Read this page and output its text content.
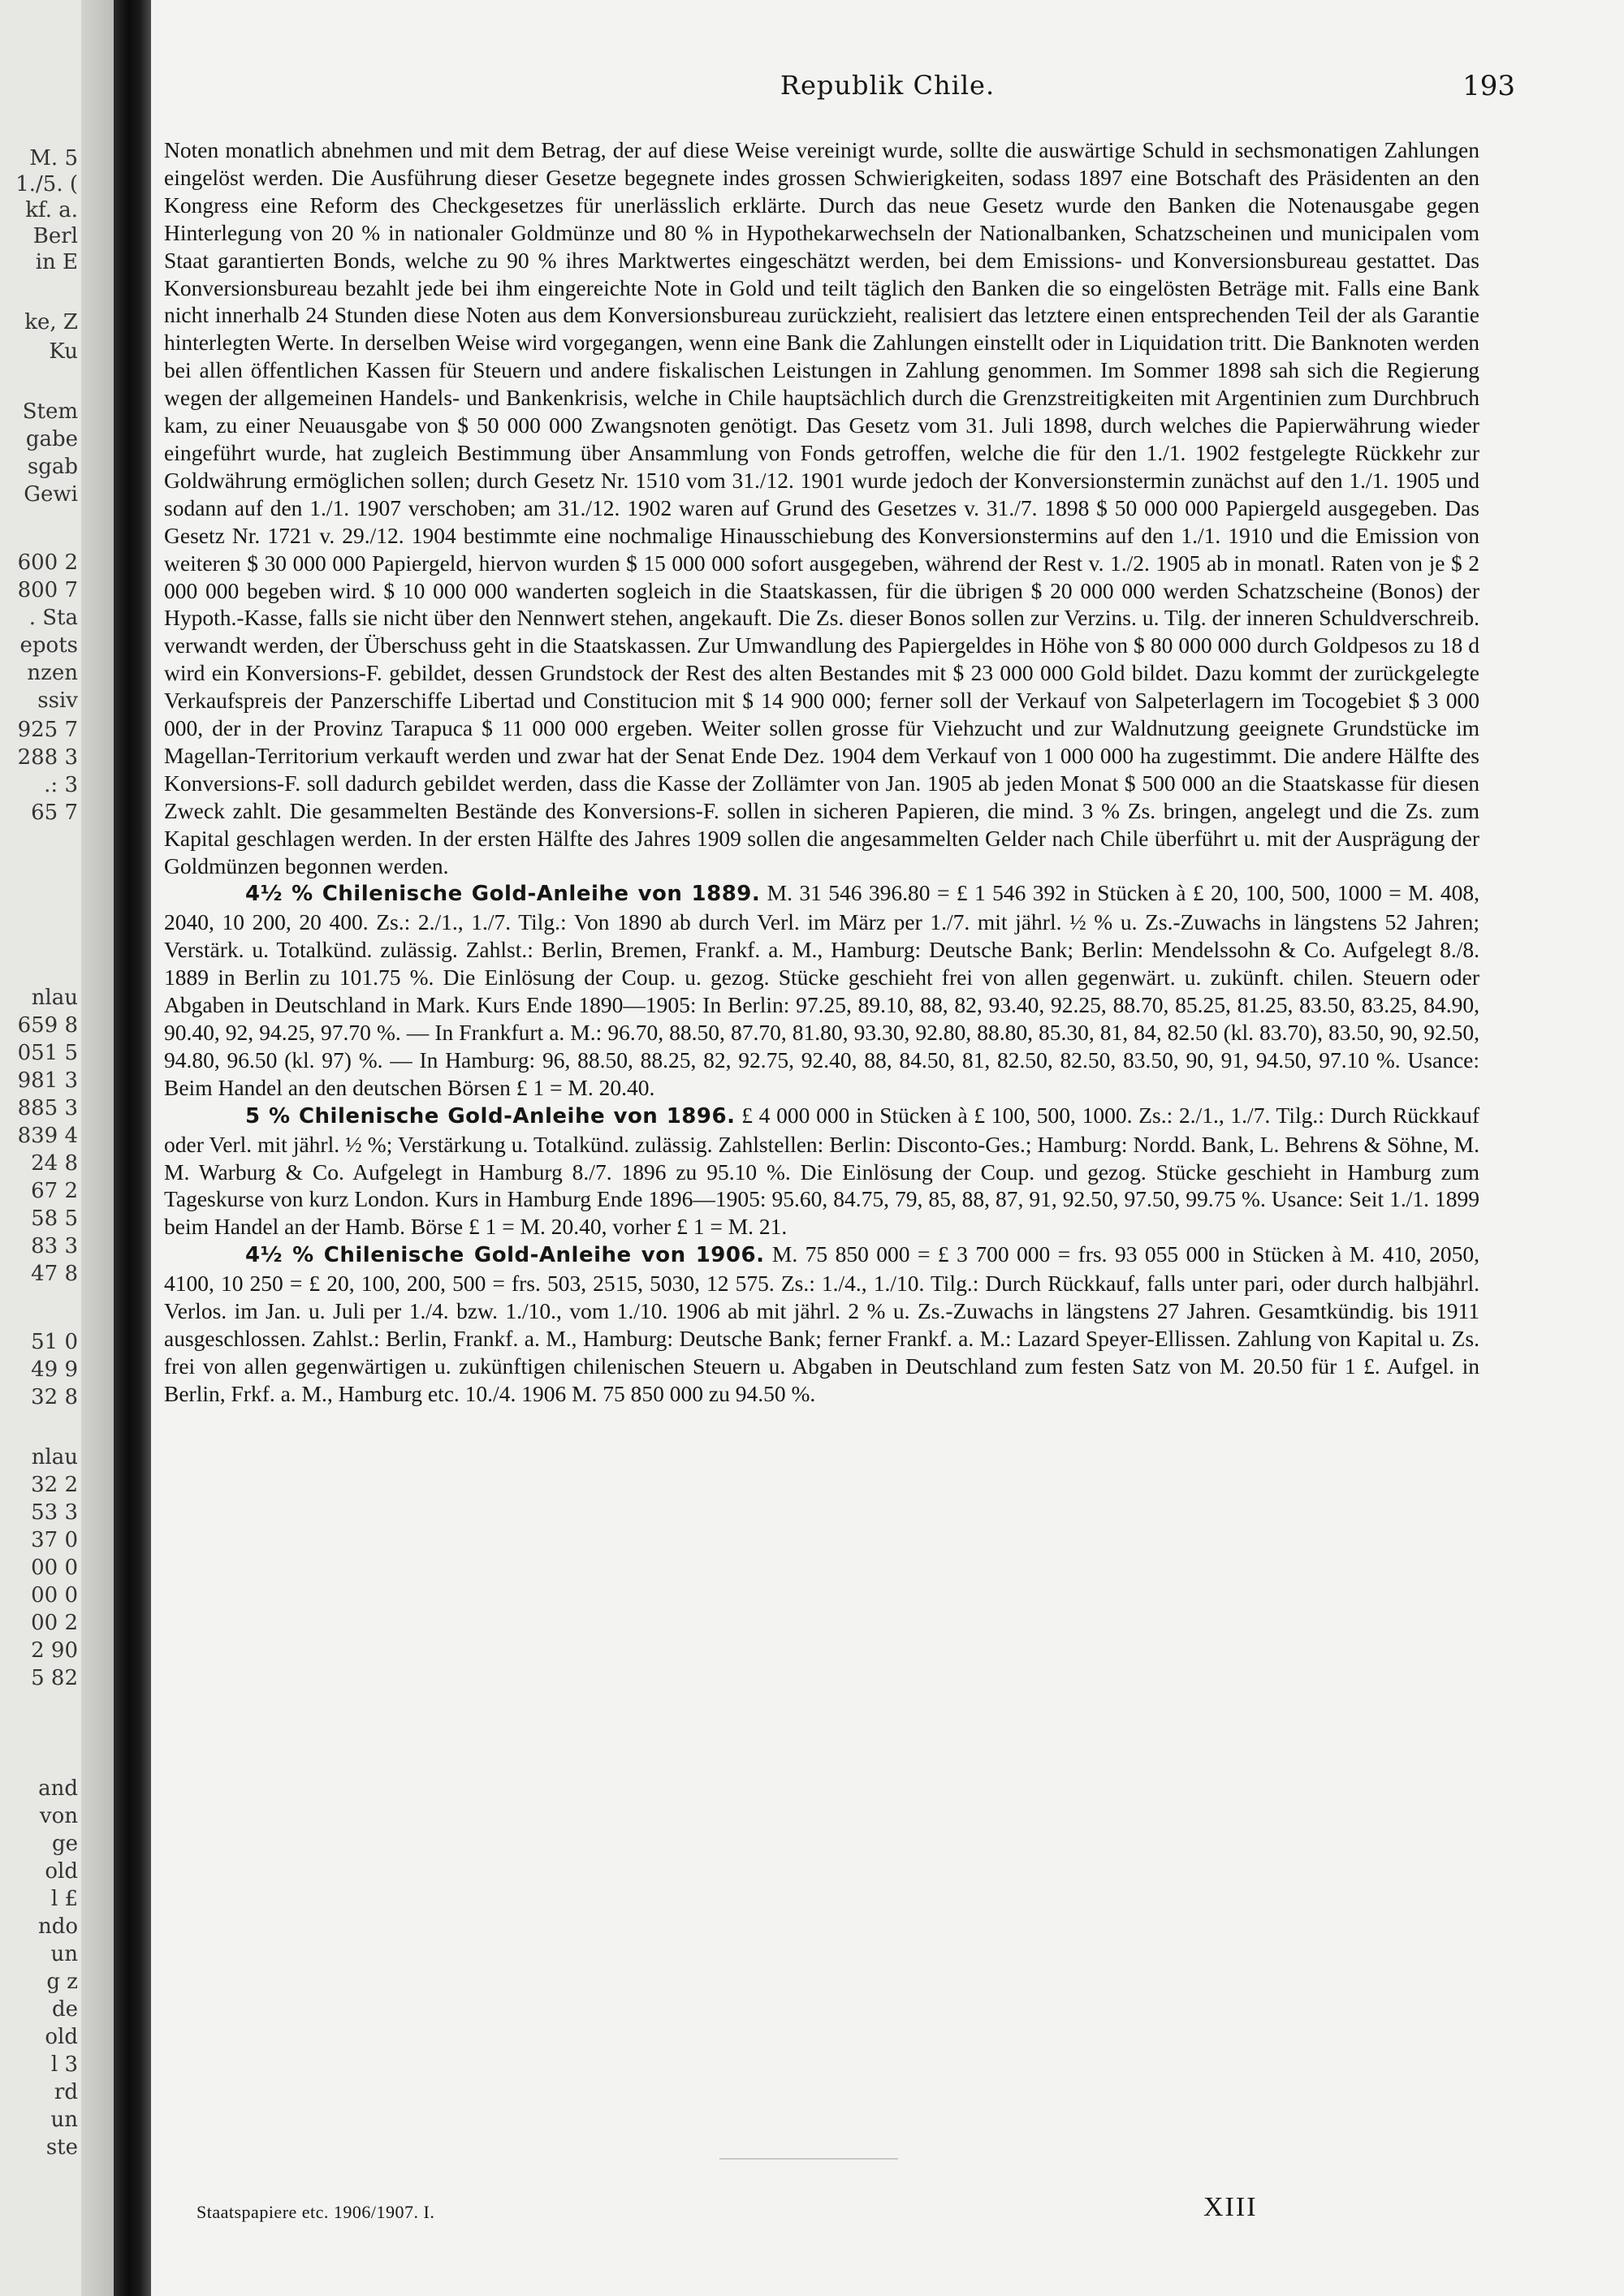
M. 5
1./5. (
kf. a.
Berl
in E
ke, Z
Ku
Stem
gabe
sgab
Gewi
600 2
800 7
. Sta
epots
nzen
ssiv
925 7
288 3
.: 3
65 7
nlau
659 8
051 5
981 3
885 3
839 4
24 8
67 2
58 5
83 3
47 8
51 0
49 9
32 8
nlau
32 2
53 3
37 0
00 0
00 0
00 2
2 90
5 82
and
von
ge
old
l £
ndo
un
g z
de
old
l 3
rd
un
ste
Republik Chile.	193

Noten monatlich abnehmen und mit dem Betrag, der auf diese Weise vereinigt wurde, sollte die auswärtige Schuld in sechsmonatigen Zahlungen eingelöst werden. Die Ausführung dieser Gesetze begegnete indes grossen Schwierigkeiten, sodass 1897 eine Botschaft des Präsidenten an den Kongress eine Reform des Checkgesetzes für unerlässlich erklärte. Durch das neue Gesetz wurde den Banken die Notenausgabe gegen Hinterlegung von 20 % in nationaler Goldmünze und 80 % in Hypothekarwechseln der Nationalbanken, Schatzscheinen und municipalen vom Staat garantierten Bonds, welche zu 90 % ihres Marktwertes eingeschätzt werden, bei dem Emissions- und Konversionsbureau gestattet. Das Konversionsbureau bezahlt jede bei ihm eingereichte Note in Gold und teilt täglich den Banken die so eingelösten Beträge mit. Falls eine Bank nicht innerhalb 24 Stunden diese Noten aus dem Konversionsbureau zurückzieht, realisiert das letztere einen entsprechenden Teil der als Garantie hinterlegten Werte. In derselben Weise wird vorgegangen, wenn eine Bank die Zahlungen einstellt oder in Liquidation tritt. Die Banknoten werden bei allen öffentlichen Kassen für Steuern und andere fiskalischen Leistungen in Zahlung genommen. Im Sommer 1898 sah sich die Regierung wegen der allgemeinen Handels- und Bankenkrisis, welche in Chile hauptsächlich durch die Grenzstreitigkeiten mit Argentinien zum Durchbruch kam, zu einer Neuausgabe von $ 50 000 000 Zwangsnoten genötigt. Das Gesetz vom 31. Juli 1898, durch welches die Papierwährung wieder eingeführt wurde, hat zugleich Bestimmung über Ansammlung von Fonds getroffen, welche die für den 1./1. 1902 festgelegte Rückkehr zur Goldwährung ermöglichen sollen; durch Gesetz Nr. 1510 vom 31./12. 1901 wurde jedoch der Konversionstermin zunächst auf den 1./1. 1905 und sodann auf den 1./1. 1907 verschoben; am 31./12. 1902 waren auf Grund des Gesetzes v. 31./7. 1898 $ 50 000 000 Papiergeld ausgegeben. Das Gesetz Nr. 1721 v. 29./12. 1904 bestimmte eine nochmalige Hinausschiebung des Konversionstermins auf den 1./1. 1910 und die Emission von weiteren $ 30 000 000 Papiergeld, hiervon wurden $ 15 000 000 sofort ausgegeben, während der Rest v. 1./2. 1905 ab in monatl. Raten von je $ 2 000 000 begeben wird. $ 10 000 000 wanderten sogleich in die Staatskassen, für die übrigen $ 20 000 000 werden Schatzscheine (Bonos) der Hypoth.-Kasse, falls sie nicht über den Nennwert stehen, angekauft. Die Zs. dieser Bonos sollen zur Verzins. u. Tilg. der inneren Schuldverschreib. verwandt werden, der Überschuss geht in die Staatskassen. Zur Umwandlung des Papiergeldes in Höhe von $ 80 000 000 durch Goldpesos zu 18 d wird ein Konversions-F. gebildet, dessen Grundstock der Rest des alten Bestandes mit $ 23 000 000 Gold bildet. Dazu kommt der zurückgelegte Verkaufspreis der Panzerschiffe Libertad und Constitucion mit $ 14 900 000; ferner soll der Verkauf von Salpeterlagern im Tocogebiet $ 3 000 000, der in der Provinz Tarapuca $ 11 000 000 ergeben. Weiter sollen grosse für Viehzucht und zur Waldnutzung geeignete Grundstücke im Magellan-Territorium verkauft werden und zwar hat der Senat Ende Dez. 1904 dem Verkauf von 1 000 000 ha zugestimmt. Die andere Hälfte des Konversions-F. soll dadurch gebildet werden, dass die Kasse der Zollämter von Jan. 1905 ab jeden Monat $ 500 000 an die Staatskasse für diesen Zweck zahlt. Die gesammelten Bestände des Konversions-F. sollen in sicheren Papieren, die mind. 3 % Zs. bringen, angelegt und die Zs. zum Kapital geschlagen werden. In der ersten Hälfte des Jahres 1909 sollen die angesammelten Gelder nach Chile überführt u. mit der Ausprägung der Goldmünzen begonnen werden.

4½ % Chilenische Gold-Anleihe von 1889. M. 31 546 396.80 = £ 1 546 392 in Stücken à £ 20, 100, 500, 1000 = M. 408, 2040, 10 200, 20 400. Zs.: 2./1., 1./7. Tilg.: Von 1890 ab durch Verl. im März per 1./7. mit jährl. ½ % u. Zs.-Zuwachs in längstens 52 Jahren; Verstärk. u. Totalkünd. zulässig. Zahlst.: Berlin, Bremen, Frankf. a. M., Hamburg: Deutsche Bank; Berlin: Mendelssohn & Co. Aufgelegt 8./8. 1889 in Berlin zu 101.75 %. Die Einlösung der Coup. u. gezog. Stücke geschieht frei von allen gegenwärt. u. zukünft. chilen. Steuern oder Abgaben in Deutschland in Mark. Kurs Ende 1890—1905: In Berlin: 97.25, 89.10, 88, 82, 93.40, 92.25, 88.70, 85.25, 81.25, 83.50, 83.25, 84.90, 90.40, 92, 94.25, 97.70 %. — In Frankfurt a. M.: 96.70, 88.50, 87.70, 81.80, 93.30, 92.80, 88.80, 85.30, 81, 84, 82.50 (kl. 83.70), 83.50, 90, 92.50, 94.80, 96.50 (kl. 97) %. — In Hamburg: 96, 88.50, 88.25, 82, 92.75, 92.40, 88, 84.50, 81, 82.50, 82.50, 83.50, 90, 91, 94.50, 97.10 %. Usance: Beim Handel an den deutschen Börsen £ 1 = M. 20.40.

5 % Chilenische Gold-Anleihe von 1896. £ 4 000 000 in Stücken à £ 100, 500, 1000. Zs.: 2./1., 1./7. Tilg.: Durch Rückkauf oder Verl. mit jährl. ½ %; Verstärkung u. Totalkünd. zulässig. Zahlstellen: Berlin: Disconto-Ges.; Hamburg: Nordd. Bank, L. Behrens & Söhne, M. M. Warburg & Co. Aufgelegt in Hamburg 8./7. 1896 zu 95.10 %. Die Einlösung der Coup. und gezog. Stücke geschieht in Hamburg zum Tageskurse von kurz London. Kurs in Hamburg Ende 1896—1905: 95.60, 84.75, 79, 85, 88, 87, 91, 92.50, 97.50, 99.75 %. Usance: Seit 1./1. 1899 beim Handel an der Hamb. Börse £ 1 = M. 20.40, vorher £ 1 = M. 21.

4½ % Chilenische Gold-Anleihe von 1906. M. 75 850 000 = £ 3 700 000 = frs. 93 055 000 in Stücken à M. 410, 2050, 4100, 10 250 = £ 20, 100, 200, 500 = frs. 503, 2515, 5030, 12 575. Zs.: 1./4., 1./10. Tilg.: Durch Rückkauf, falls unter pari, oder durch halbjährl. Verlos. im Jan. u. Juli per 1./4. bzw. 1./10., vom 1./10. 1906 ab mit jährl. 2 % u. Zs.-Zuwachs in längstens 27 Jahren. Gesamtkündig. bis 1911 ausgeschlossen. Zahlst.: Berlin, Frankf. a. M., Hamburg: Deutsche Bank; ferner Frankf. a. M.: Lazard Speyer-Ellissen. Zahlung von Kapital u. Zs. frei von allen gegenwärtigen u. zukünftigen chilenischen Steuern u. Abgaben in Deutschland zum festen Satz von M. 20.50 für 1 £. Aufgel. in Berlin, Frkf. a. M., Hamburg etc. 10./4. 1906 M. 75 850 000 zu 94.50 %.

Staatspapiere etc. 1906/1907. I.	XIII
